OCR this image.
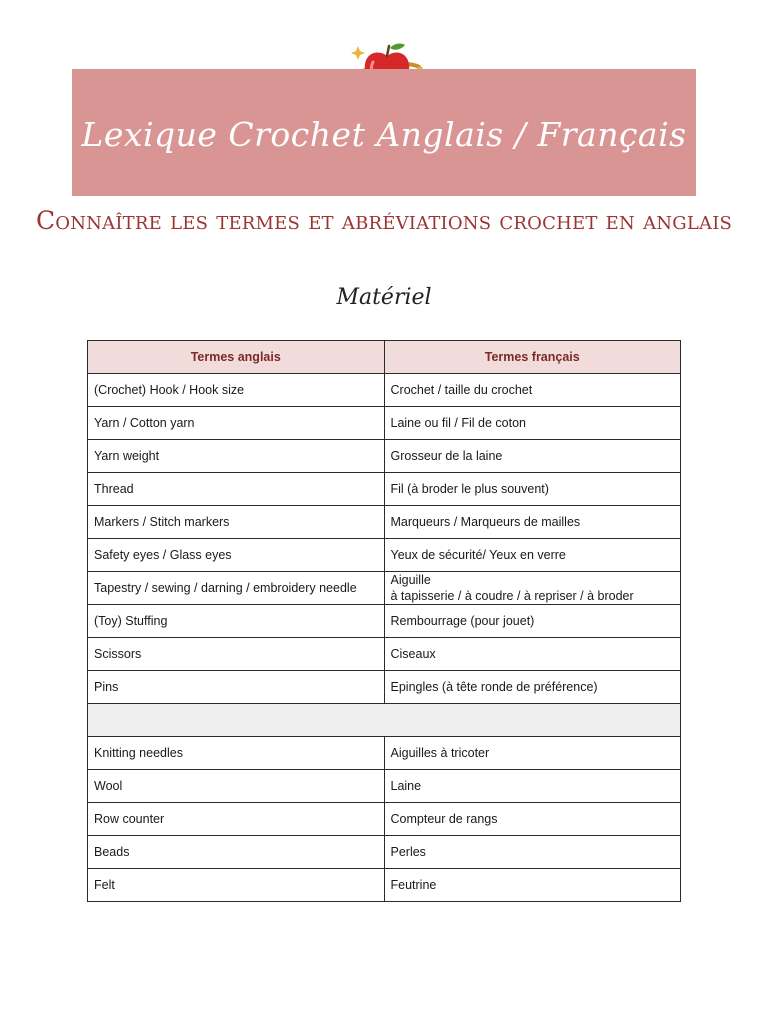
Lexique Crochet Anglais / Français
Connaître les termes et abréviations crochet en anglais
Matériel
Termes anglais	Termes français
(Crochet) Hook / Hook size	Crochet / taille du crochet
Yarn / Cotton yarn	Laine ou fil / Fil de coton
Yarn weight	Grosseur de la laine
Thread	Fil (à broder le plus souvent)
Markers / Stitch markers	Marqueurs / Marqueurs de mailles
Safety eyes / Glass eyes	Yeux de sécurité/ Yeux en verre
Tapestry / sewing / darning / embroidery needle	Aiguille
à tapisserie / à coudre / à repriser / à broder
(Toy) Stuffing	Rembourrage (pour jouet)
Scissors	Ciseaux
Pins	Epingles (à tête ronde de préférence)

Knitting needles	Aiguilles à tricoter
Wool	Laine
Row counter	Compteur de rangs
Beads	Perles
Felt	Feutrine
